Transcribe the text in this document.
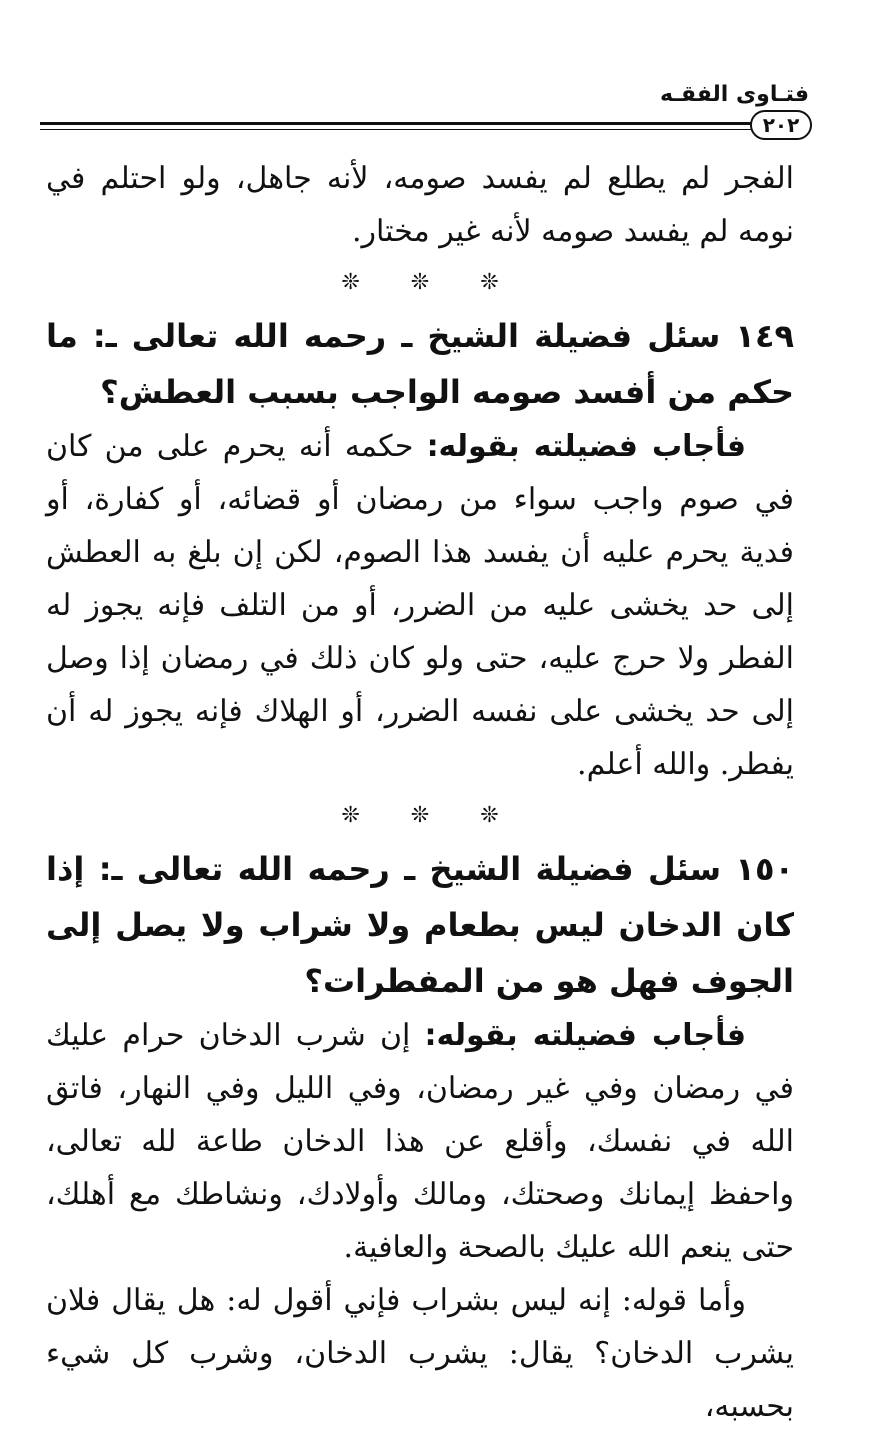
فتـاوى الفقـه
٢٠٢

الفجر لم يطلع لم يفسد صومه، لأنه جاهل، ولو احتلم في نومه لم يفسد صومه لأنه غير مختار.

❊ ❊ ❊
١٤٩ سئل فضيلة الشيخ ـ رحمه الله تعالى ـ: ما حكم من أفسد صومه الواجب بسبب العطش؟

فأجاب فضيلته بقوله: حكمه أنه يحرم على من كان في صوم واجب سواء من رمضان أو قضائه، أو كفارة، أو فدية يحرم عليه أن يفسد هذا الصوم، لكن إن بلغ به العطش إلى حد يخشى عليه من الضرر، أو من التلف فإنه يجوز له الفطر ولا حرج عليه، حتى ولو كان ذلك في رمضان إذا وصل إلى حد يخشى على نفسه الضرر، أو الهلاك فإنه يجوز له أن يفطر. والله أعلم.

❊ ❊ ❊
١٥٠ سئل فضيلة الشيخ ـ رحمه الله تعالى ـ: إذا كان الدخان ليس بطعام ولا شراب ولا يصل إلى الجوف فهل هو من المفطرات؟

فأجاب فضيلته بقوله: إن شرب الدخان حرام عليك في رمضان وفي غير رمضان، وفي الليل وفي النهار، فاتق الله في نفسك، وأقلع عن هذا الدخان طاعة لله تعالى، واحفظ إيمانك وصحتك، ومالك وأولادك، ونشاطك مع أهلك، حتى ينعم الله عليك بالصحة والعافية.

وأما قوله: إنه ليس بشراب فإني أقول له: هل يقال فلان يشرب الدخان؟ يقال: يشرب الدخان، وشرب كل شيء بحسبه،
